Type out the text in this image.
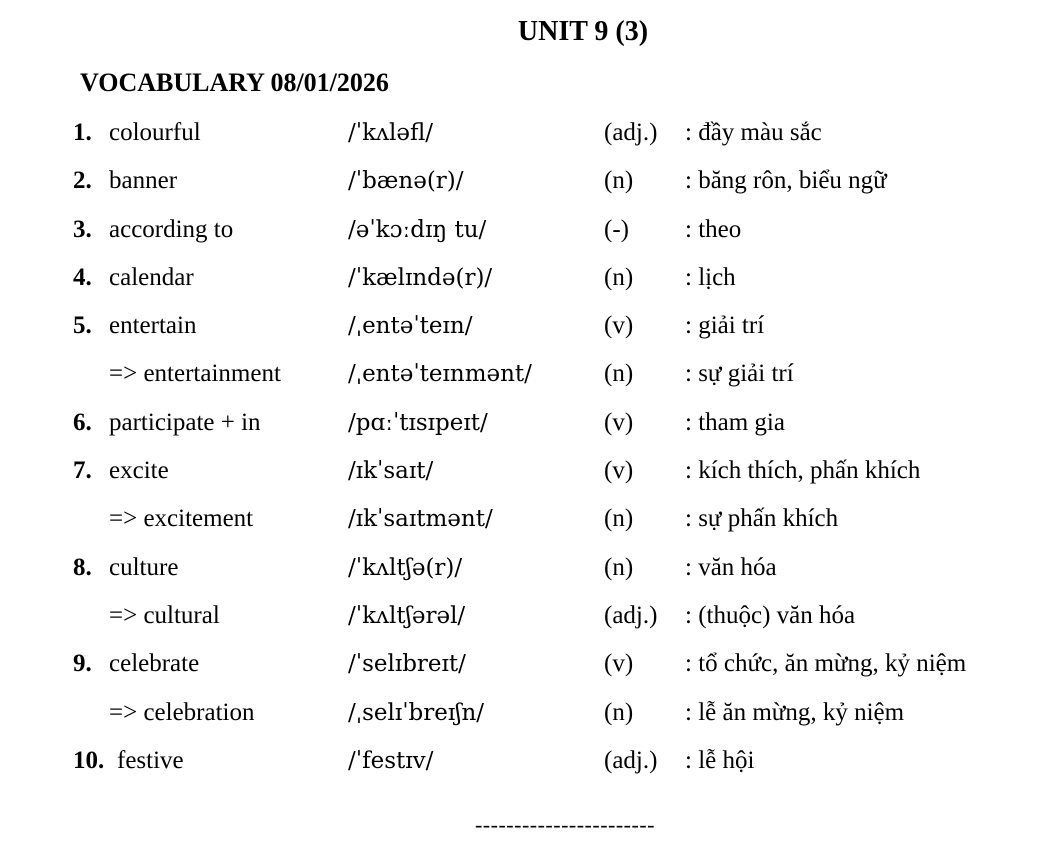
UNIT 9 (3)
VOCABULARY 08/01/2026
1. colourful	/ˈkʌləfl/	(adj.) : đầy màu sắc
2. banner	/ˈbænə(r)/	(n) : băng rôn, biểu ngữ
3. according to	/əˈkɔːdɪŋ tu/	(-) : theo
4. calendar	/ˈkælɪndə(r)/	(n) : lịch
5. entertain	/ˌentəˈteɪn/	(v) : giải trí
=> entertainment	/ˌentəˈteɪnmənt/	(n) : sự giải trí
6. participate + in	/pɑːˈtɪsɪpeɪt/	(v) : tham gia
7. excite	/ɪkˈsaɪt/	(v) : kích thích, phấn khích
=> excitement	/ɪkˈsaɪtmənt/	(n) : sự phấn khích
8. culture	/ˈkʌltʃə(r)/	(n) : văn hóa
=> cultural	/ˈkʌltʃərəl/	(adj.) : (thuộc) văn hóa
9. celebrate	/ˈselɪbreɪt/	(v) : tổ chức, ăn mừng, kỷ niệm
=> celebration	/ˌselɪˈbreɪʃn/	(n) : lễ ăn mừng, kỷ niệm
10. festive	/ˈfestɪv/	(adj.) : lễ hội
-----------------------
